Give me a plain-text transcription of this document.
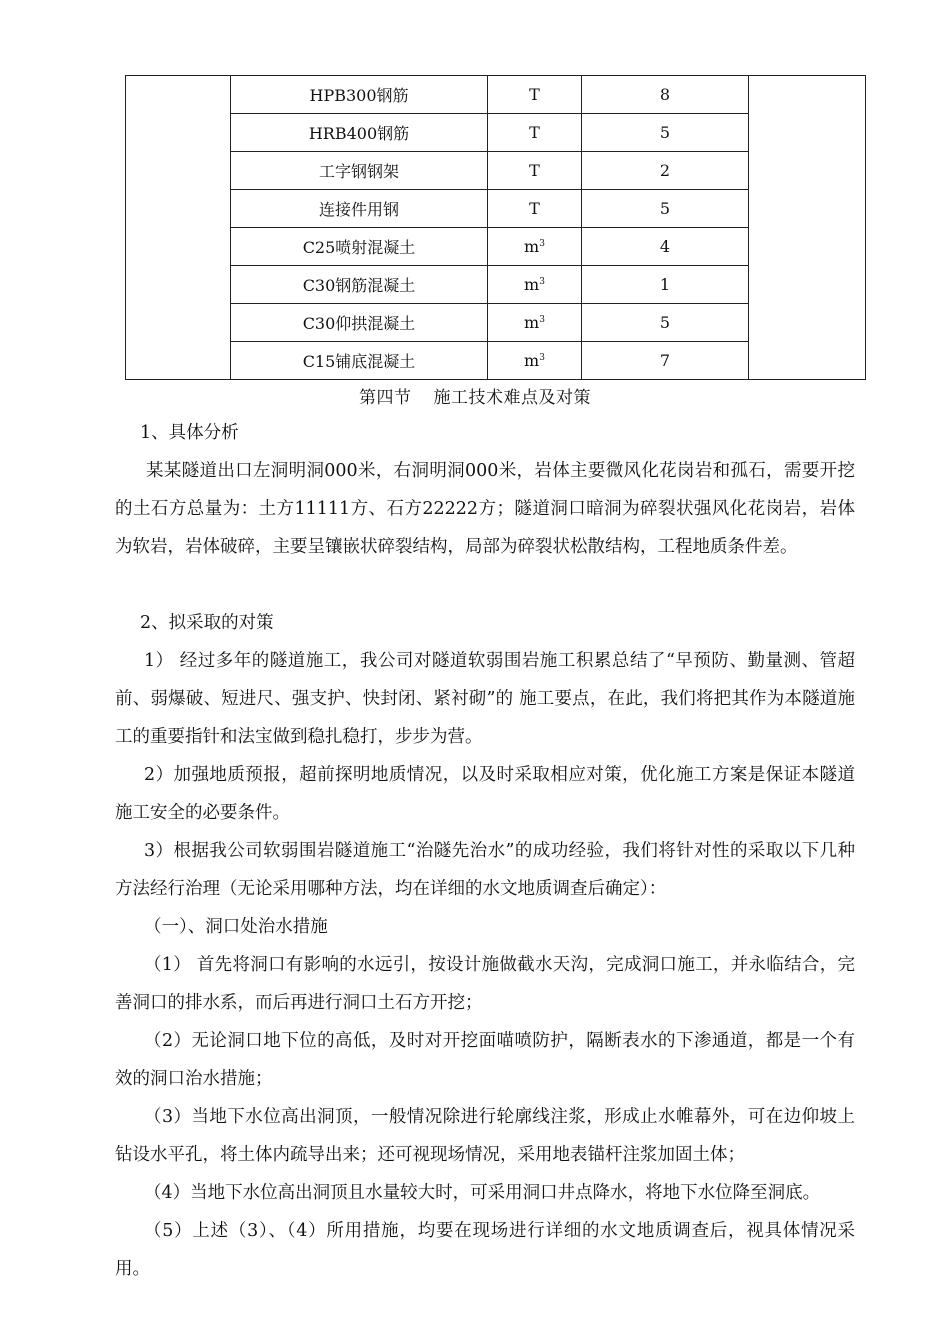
	HPB300钢筋	T	8	
	HRB400钢筋	T	5	
	工字钢钢架	T	2	
	连接件用钢	T	5	
	C25喷射混凝土	$m^3$	4	
	C30钢筋混凝土	$m^3$	1	
	C30仰拱混凝土	$m^3$	5	
	C15铺底混凝土	$m^3$	7	
第四节 施工技术难点及对策
1、具体分析

某某隧道出口左洞明洞000米，右洞明洞000米，岩体主要微风化花岗岩和孤石，需要开挖的土石方总量为：土方11111方、石方22222方；隧道洞口暗洞为碎裂状强风化花岗岩，岩体为软岩，岩体破碎，主要呈镶嵌状碎裂结构，局部为碎裂状松散结构，工程地质条件差。

2、拟采取的对策

1） 经过多年的隧道施工，我公司对隧道软弱围岩施工积累总结了“早预防、勤量测、管超前、弱爆破、短进尺、强支护、快封闭、紧衬砌”的 施工要点，在此，我们将把其作为本隧道施工的重要指针和法宝做到稳扎稳打，步步为营。

2）加强地质预报，超前探明地质情况，以及时采取相应对策，优化施工方案是保证本隧道施工安全的必要条件。

3）根据我公司软弱围岩隧道施工“治隧先治水”的成功经验，我们将针对性的采取以下几种方法经行治理（无论采用哪种方法，均在详细的水文地质调查后确定）：

（一）、洞口处治水措施

（1） 首先将洞口有影响的水远引，按设计施做截水天沟，完成洞口施工，并永临结合，完善洞口的排水系，而后再进行洞口土石方开挖；

（2）无论洞口地下位的高低，及时对开挖面喵喷防护，隔断表水的下渗通道，都是一个有效的洞口治水措施；

（3）当地下水位高出洞顶，一般情况除进行轮廓线注浆，形成止水帷幕外，可在边仰坡上钻设水平孔，将土体内疏导出来；还可视现场情况，采用地表锚杆注浆加固土体；

（4）当地下水位高出洞顶且水量较大时，可采用洞口井点降水，将地下水位降至洞底。

（5）上述（3）、（4）所用措施，均要在现场进行详细的水文地质调查后，视具体情况采用。
